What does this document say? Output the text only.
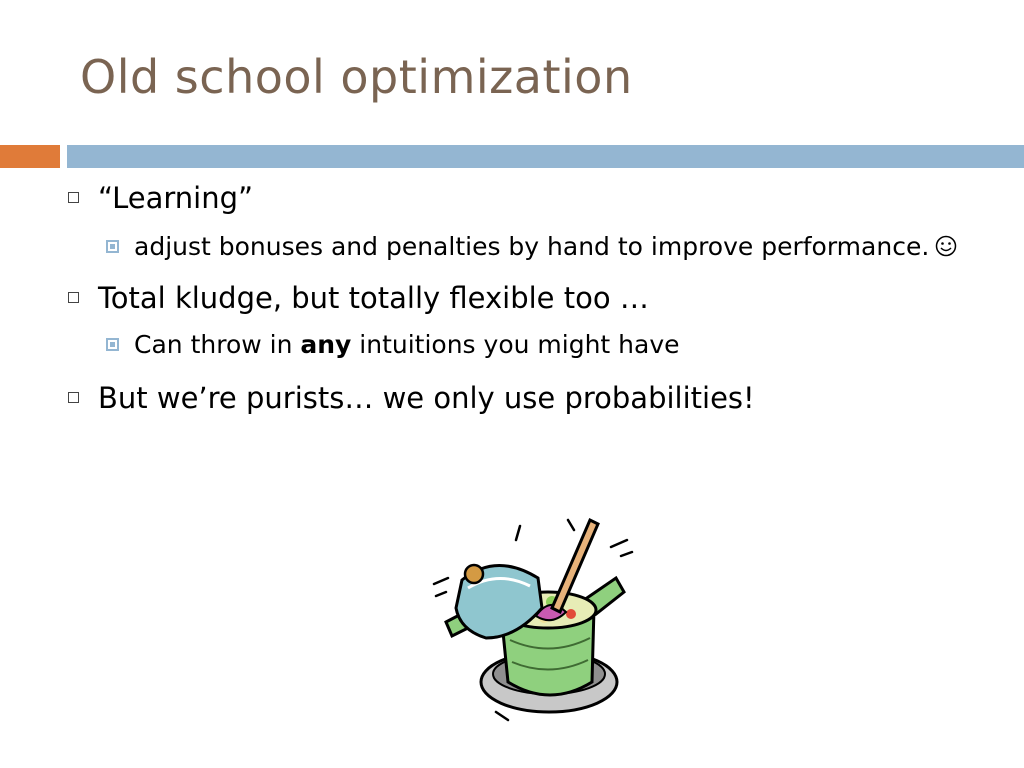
Old school optimization
“Learning”
adjust bonuses and penalties by hand to improve performance.
Total kludge, but totally flexible too …
Can throw in any intuitions you might have
But we’re purists… we only use probabilities!
